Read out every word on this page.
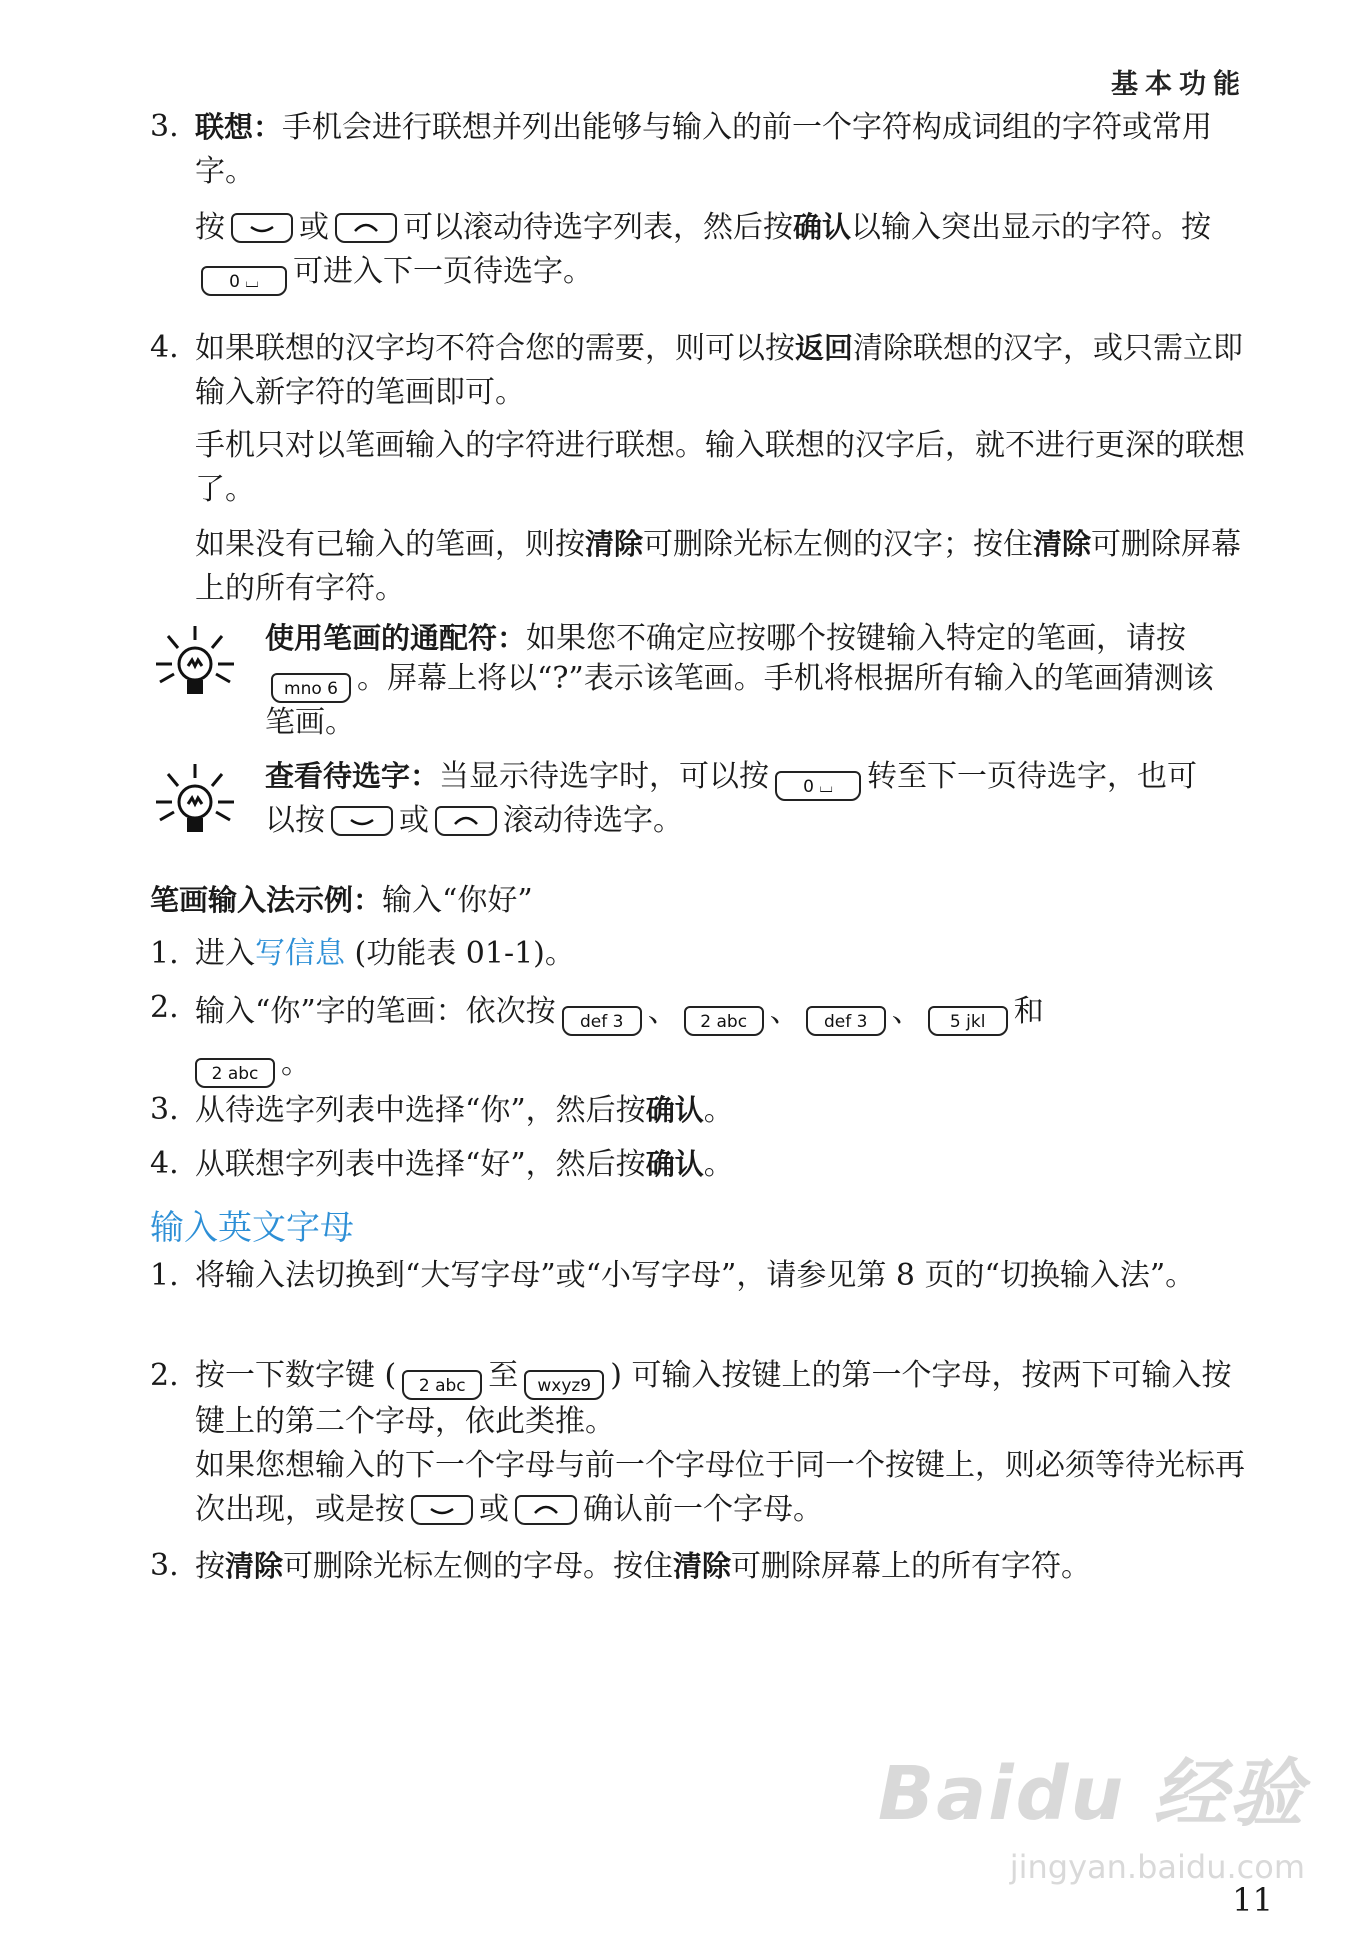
基本功能
3. 联想：手机会进行联想并列出能够与输入的前一个字符构成词组的字符或常用字。
按 或 可以滚动待选字列表，然后按确认以输入突出显示的字符。按0 ⌴ 可进入下一页待选字。
4. 如果联想的汉字均不符合您的需要，则可以按返回清除联想的汉字，或只需立即输入新字符的笔画即可。
手机只对以笔画输入的字符进行联想。输入联想的汉字后，就不进行更深的联想了。
如果没有已输入的笔画，则按清除可删除光标左侧的汉字；按住清除可删除屏幕上的所有字符。
使用笔画的通配符：如果您不确定应按哪个按键输入特定的笔画，请按mno 6 。屏幕上将以“?”表示该笔画。手机将根据所有输入的笔画猜测该笔画。
查看待选字：当显示待选字时，可以按 0 ⌴ 转至下一页待选字，也可以按 或 滚动待选字。
笔画输入法示例：输入“你好”
1. 进入写信息 (功能表 01-1)。
2. 输入“你”字的笔画：依次按 def 3 、 2 abc 、 def 3 、 5 jkl 和
2 abc 。
3. 从待选字列表中选择“你”，然后按确认。
4. 从联想字列表中选择“好”，然后按确认。
输入英文字母
1. 将输入法切换到“大写字母”或“小写字母”，请参见第 8 页的“切换输入法”。
2. 按一下数字键 ( 2 abc 至 wxyz9 ) 可输入按键上的第一个字母，按两下可输入按键上的第二个字母，依此类推。
如果您想输入的下一个字母与前一个字母位于同一个按键上，则必须等待光标再次出现，或是按 或 确认前一个字母。
3. 按清除可删除光标左侧的字母。按住清除可删除屏幕上的所有字符。
Baidu 经验
jingyan.baidu.com
11
